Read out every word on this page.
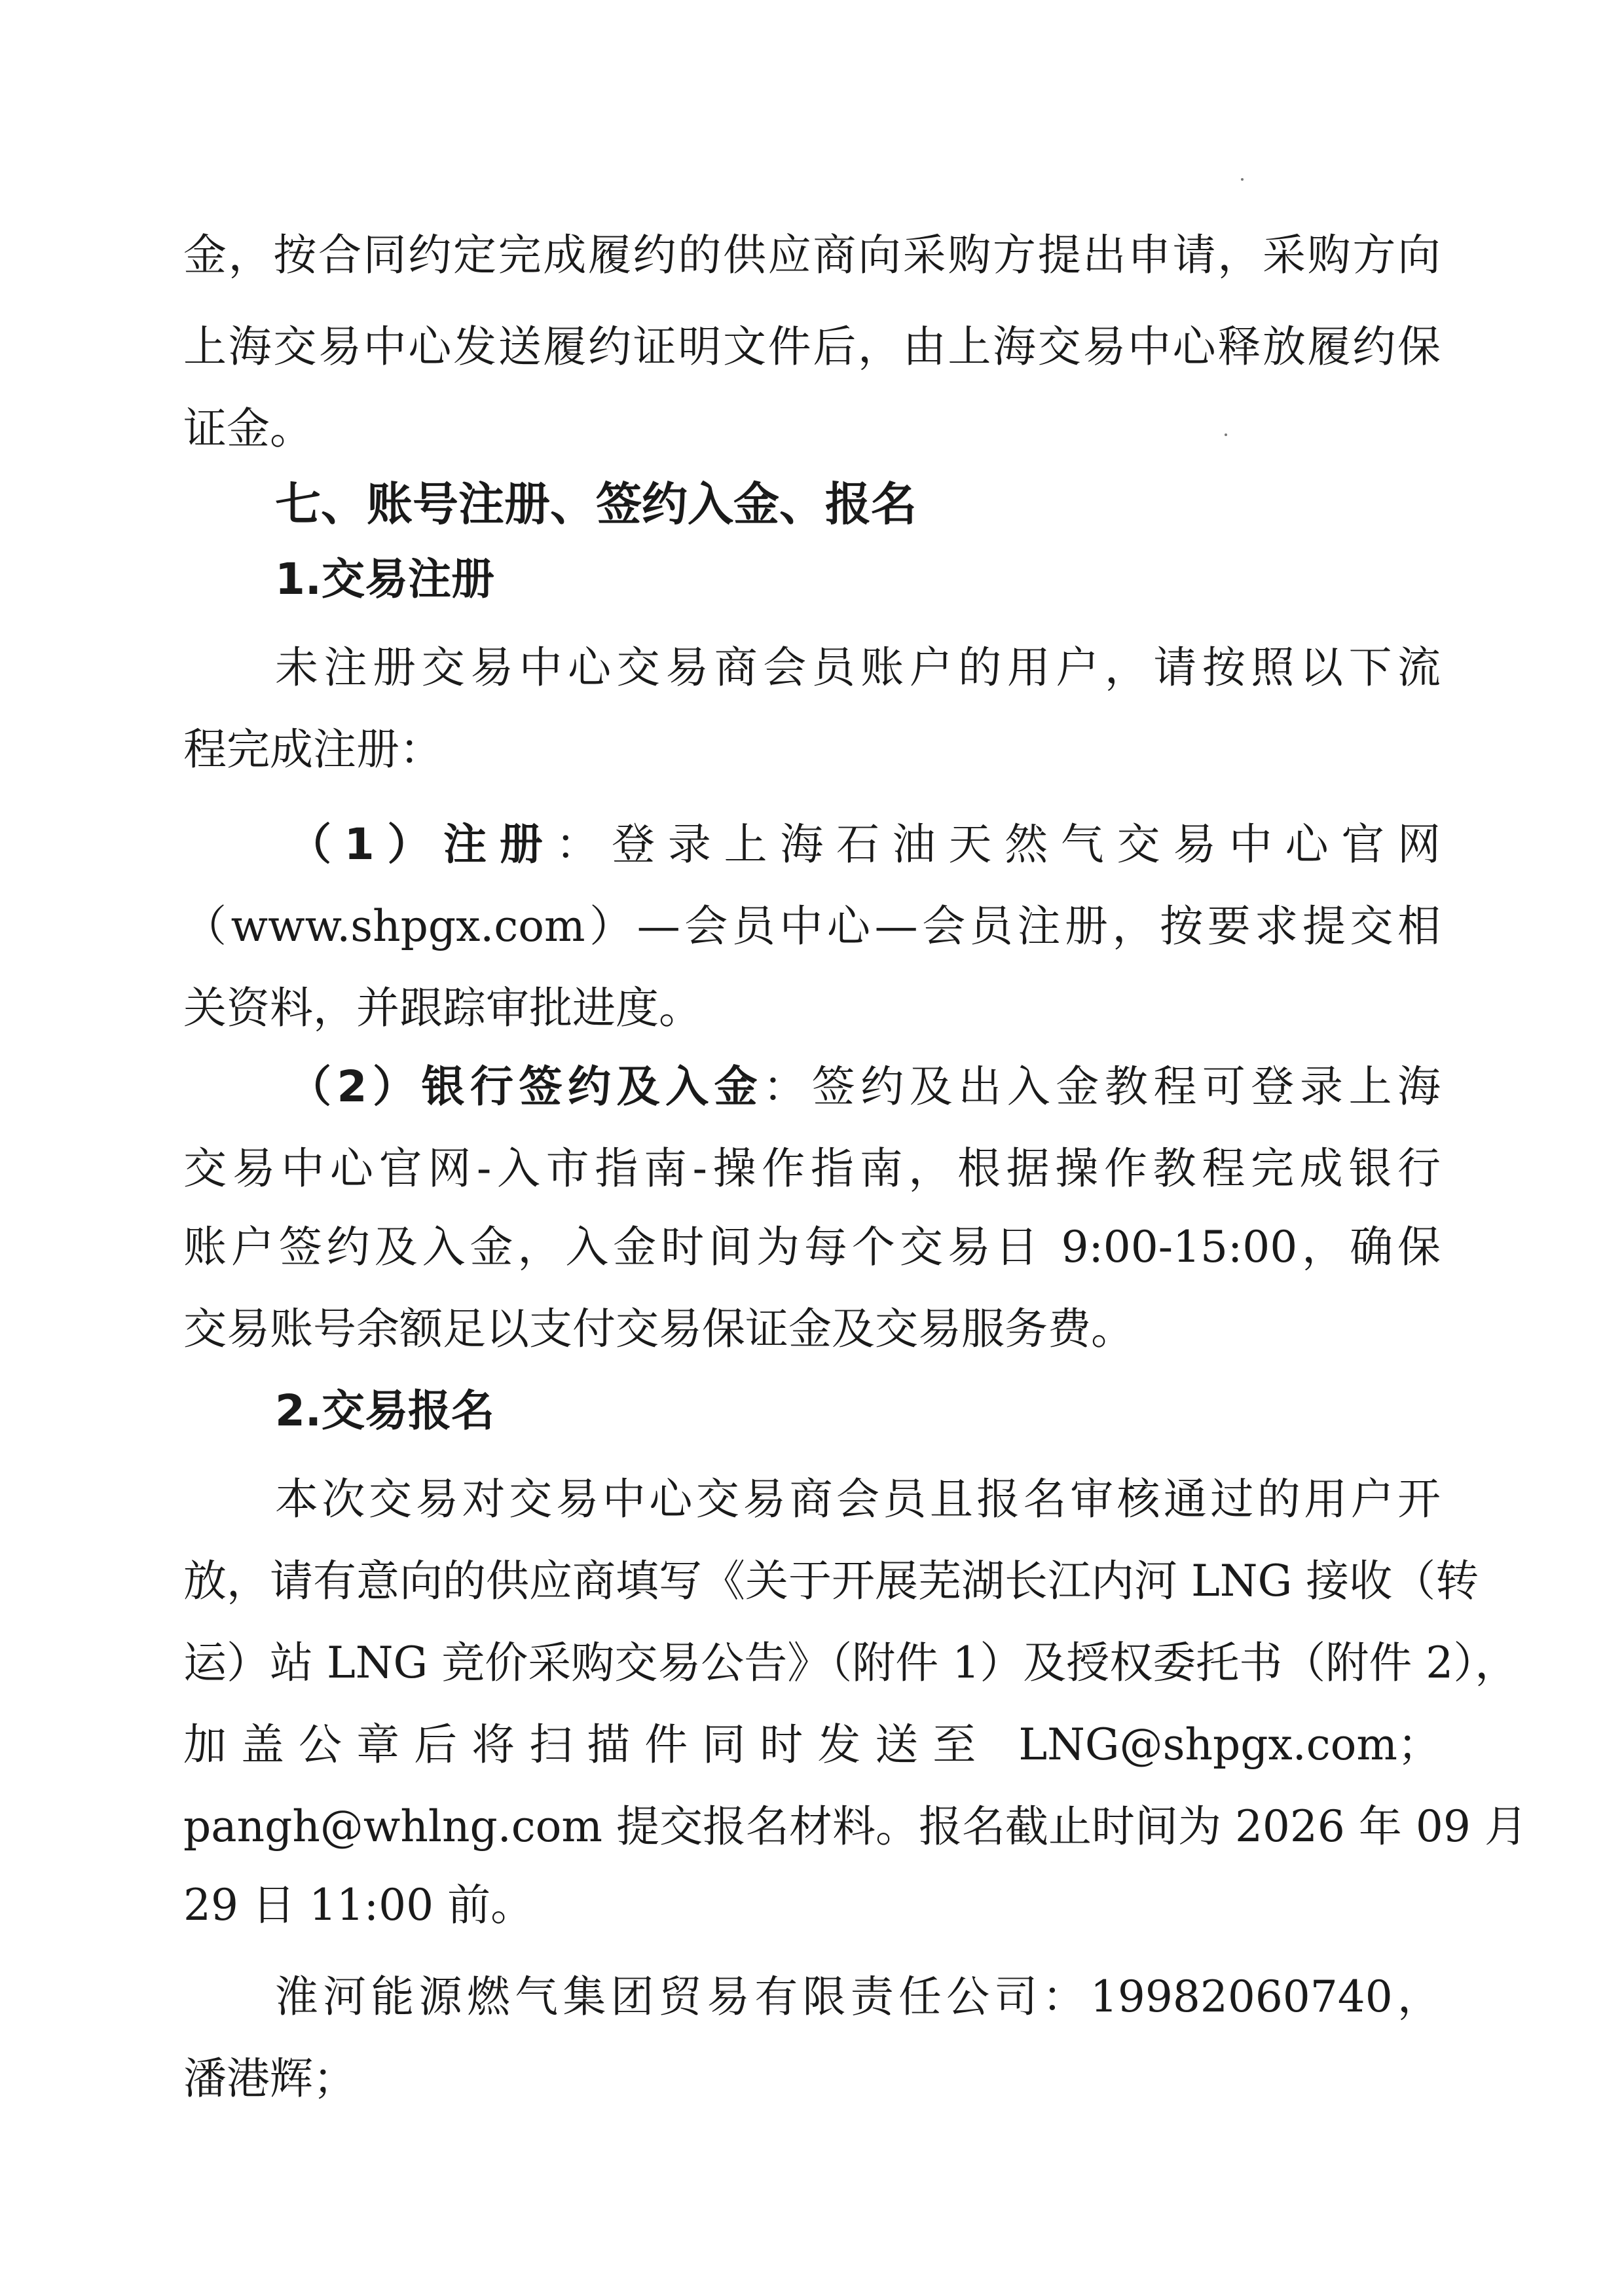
金，按合同约定完成履约的供应商向采购方提出申请，采购方向
上海交易中心发送履约证明文件后，由上海交易中心释放履约保
证金。
七、账号注册、签约入金、报名
1.交易注册
未注册交易中心交易商会员账户的用户，请按照以下流
程完成注册：
（1）注册：登录上海石油天然气交易中心官网
（www.shpgx.com）—会员中心—会员注册，按要求提交相
关资料，并跟踪审批进度。
（2）银行签约及入金：签约及出入金教程可登录上海
交易中心官网-入市指南-操作指南，根据操作教程完成银行
账户签约及入金，入金时间为每个交易日 9:00-15:00，确保
交易账号余额足以支付交易保证金及交易服务费。
2.交易报名
本次交易对交易中心交易商会员且报名审核通过的用户开
放，请有意向的供应商填写《关于开展芜湖长江内河 LNG 接收（转
运）站 LNG 竞价采购交易公告》（附件 1）及授权委托书（附件 2），
加盖公章后将扫描件同时发送至 LNG@shpgx.com；
pangh@whlng.com 提交报名材料。报名截止时间为 2026 年 09 月
29 日 11:00 前。
淮河能源燃气集团贸易有限责任公司：19982060740，
潘港辉；
